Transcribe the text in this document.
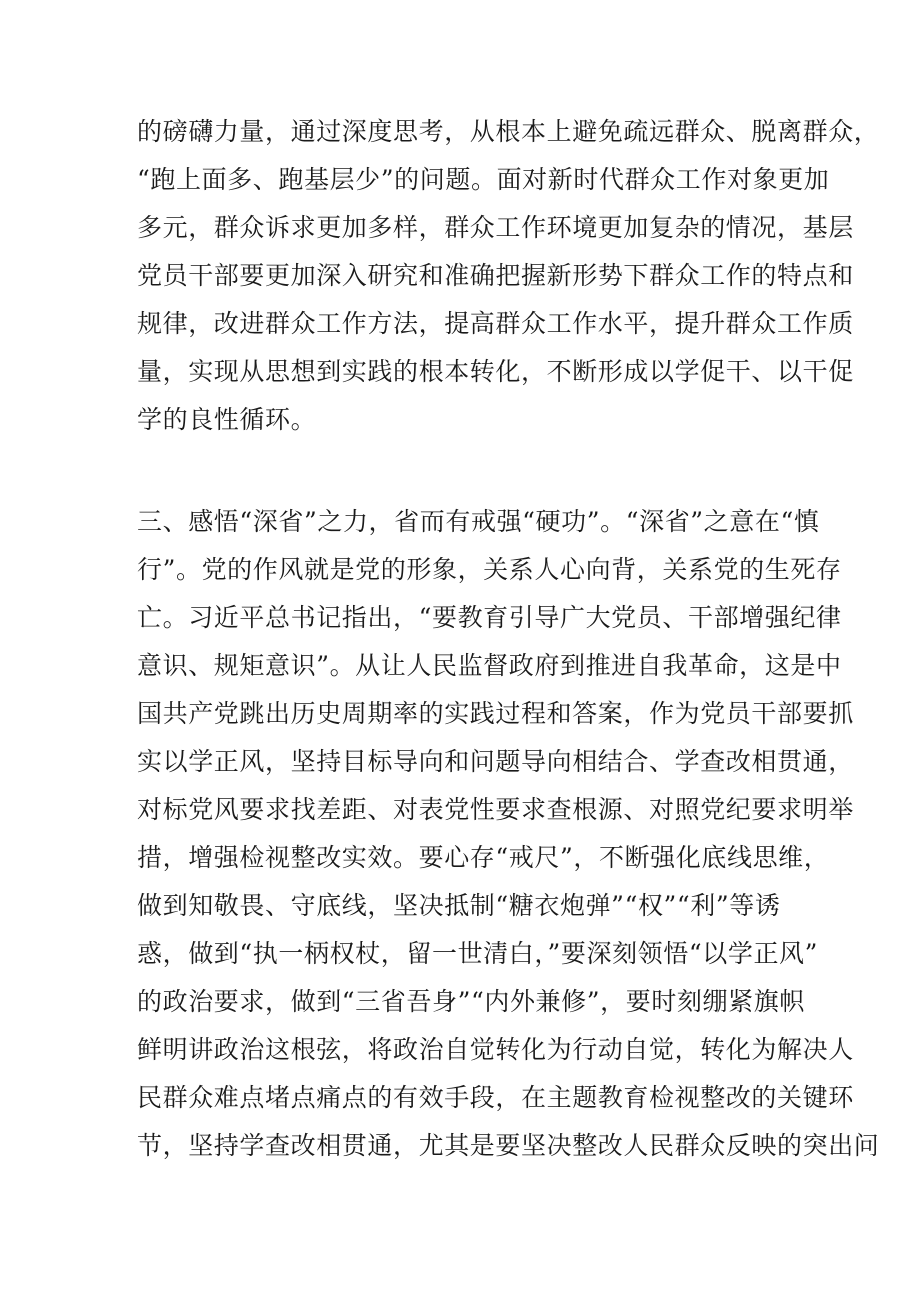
的磅礴力量，通过深度思考，从根本上避免疏远群众、脱离群众，
“跑上面多、跑基层少”的问题。面对新时代群众工作对象更加
多元，群众诉求更加多样，群众工作环境更加复杂的情况，基层
党员干部要更加深入研究和准确把握新形势下群众工作的特点和
规律，改进群众工作方法，提高群众工作水平，提升群众工作质
量，实现从思想到实践的根本转化，不断形成以学促干、以干促
学的良性循环。
三、感悟“深省”之力，省而有戒强“硬功”。“深省”之意在“慎
行”。党的作风就是党的形象，关系人心向背，关系党的生死存
亡。习近平总书记指出，“要教育引导广大党员、干部增强纪律
意识、规矩意识”。从让人民监督政府到推进自我革命，这是中
国共产党跳出历史周期率的实践过程和答案，作为党员干部要抓
实以学正风，坚持目标导向和问题导向相结合、学查改相贯通，
对标党风要求找差距、对表党性要求查根源、对照党纪要求明举
措，增强检视整改实效。要心存“戒尺”，不断强化底线思维，
做到知敬畏、守底线，坚决抵制“糖衣炮弹”“权”“利”等诱
惑，做到“执一柄权杖，留一世清白，”要深刻领悟“以学正风”
的政治要求，做到“三省吾身”“内外兼修”，要时刻绷紧旗帜
鲜明讲政治这根弦，将政治自觉转化为行动自觉，转化为解决人
民群众难点堵点痛点的有效手段，在主题教育检视整改的关键环
节，坚持学查改相贯通，尤其是要坚决整改人民群众反映的突出问
